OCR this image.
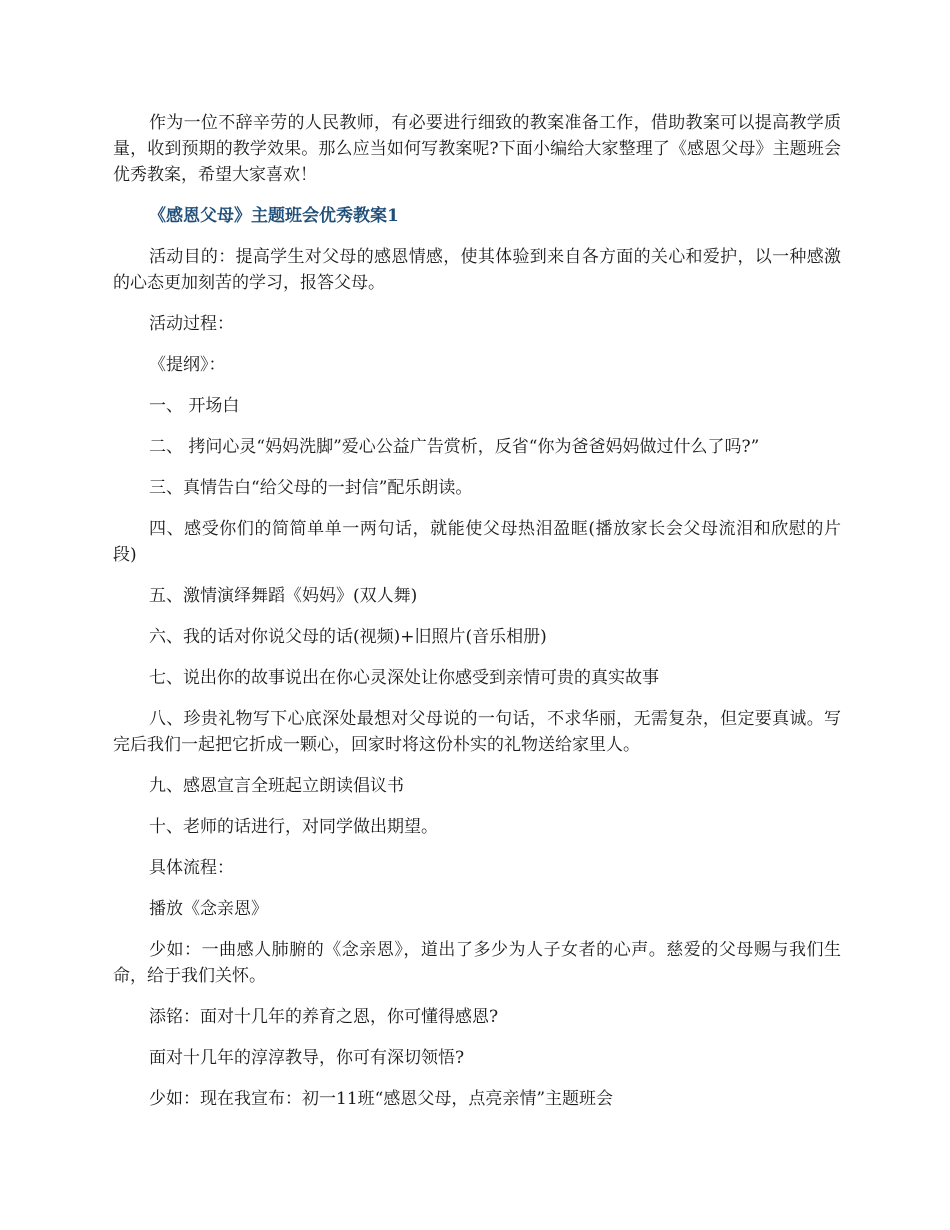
作为一位不辞辛劳的人民教师，有必要进行细致的教案准备工作，借助教案可以提高教学质量，收到预期的教学效果。那么应当如何写教案呢?下面小编给大家整理了《感恩父母》主题班会优秀教案，希望大家喜欢！

《感恩父母》主题班会优秀教案1

活动目的：提高学生对父母的感恩情感，使其体验到来自各方面的关心和爱护，以一种感激的心态更加刻苦的学习，报答父母。

活动过程：

《提纲》：

一、 开场白

二、 拷问心灵“妈妈洗脚”爱心公益广告赏析，反省“你为爸爸妈妈做过什么了吗?”

三、真情告白“给父母的一封信”配乐朗读。

四、感受你们的简简单单一两句话，就能使父母热泪盈眶(播放家长会父母流泪和欣慰的片段)

五、激情演绎舞蹈《妈妈》(双人舞)

六、我的话对你说父母的话(视频)+旧照片(音乐相册)

七、说出你的故事说出在你心灵深处让你感受到亲情可贵的真实故事

八、珍贵礼物写下心底深处最想对父母说的一句话，不求华丽，无需复杂，但定要真诚。写完后我们一起把它折成一颗心，回家时将这份朴实的礼物送给家里人。

九、感恩宣言全班起立朗读倡议书

十、老师的话进行，对同学做出期望。

具体流程：

播放《念亲恩》

少如：一曲感人肺腑的《念亲恩》，道出了多少为人子女者的心声。慈爱的父母赐与我们生命，给于我们关怀。

添铭：面对十几年的养育之恩，你可懂得感恩?

面对十几年的淳淳教导，你可有深切领悟?

少如：现在我宣布：初一11班“感恩父母，点亮亲情”主题班会
